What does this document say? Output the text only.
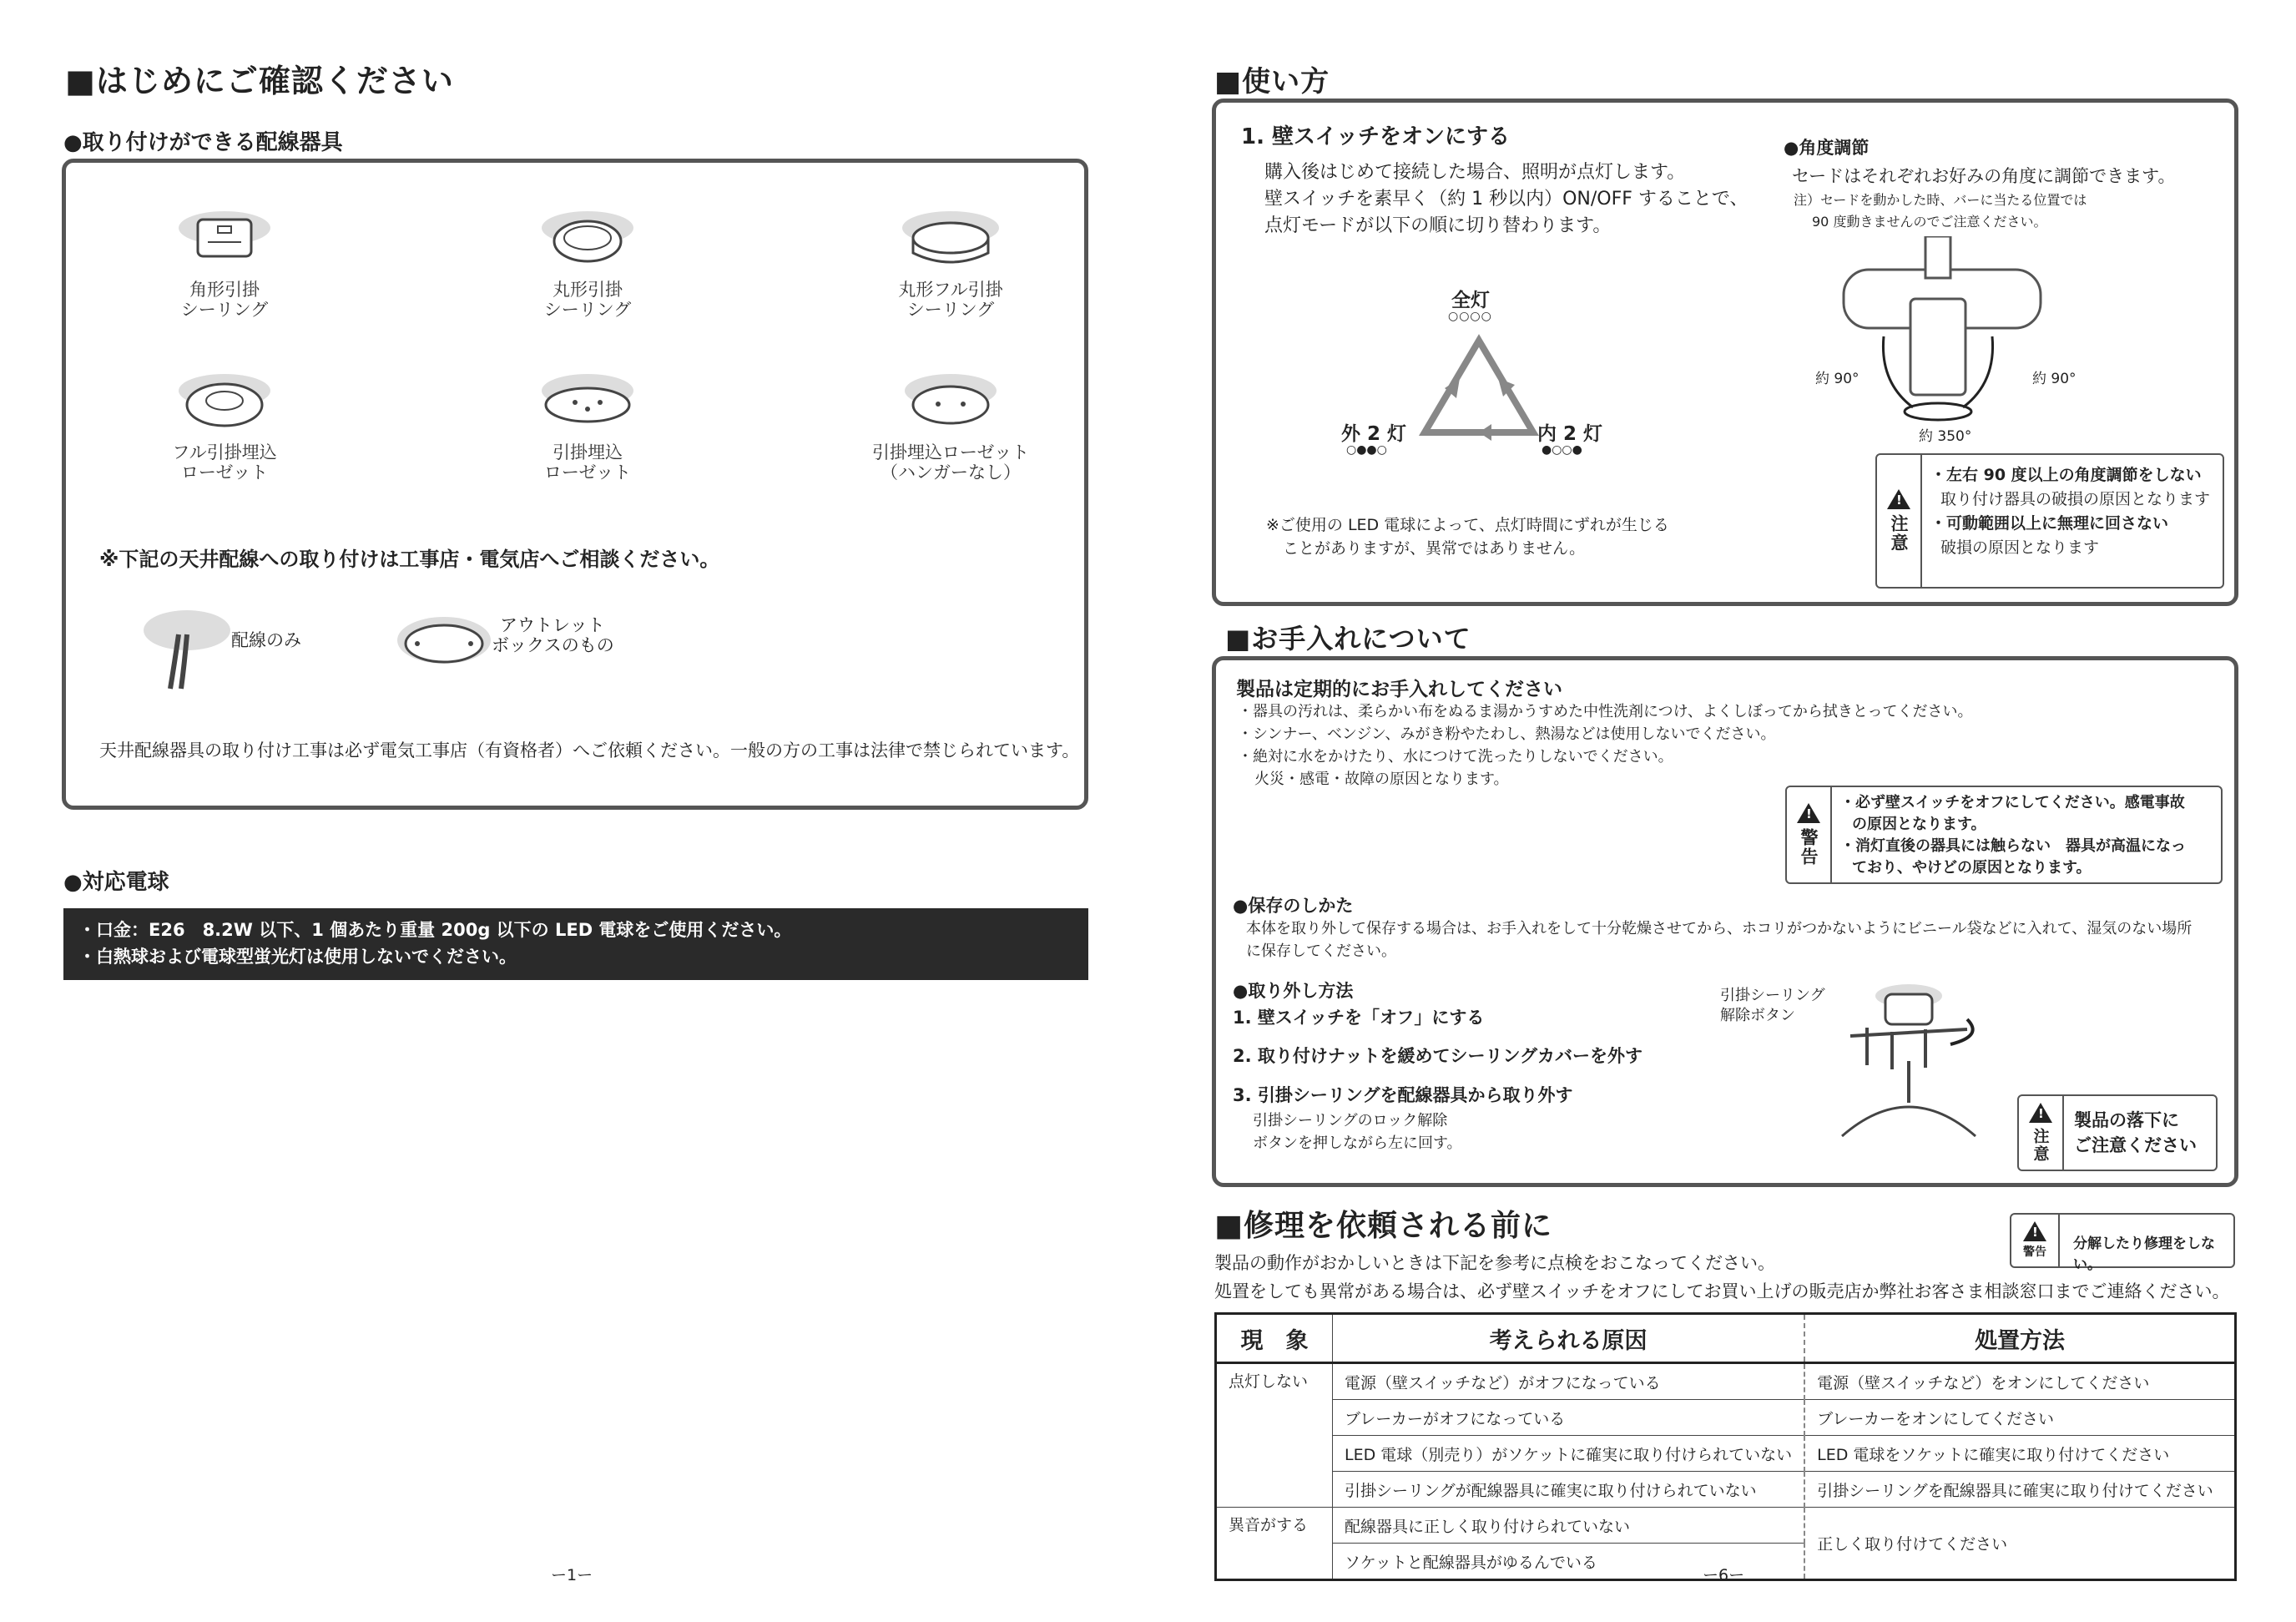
■はじめにご確認ください
●取り付けができる配線器具
角形引掛
シーリング
丸形引掛
シーリング
丸形フル引掛
シーリング
フル引掛埋込
ローゼット
引掛埋込
ローゼット
引掛埋込ローゼット
（ハンガーなし）
※下記の天井配線への取り付けは工事店・電気店へご相談ください。
配線のみ
アウトレット
ボックスのもの
天井配線器具の取り付け工事は必ず電気工事店（有資格者）へご依頼ください。一般の方の工事は法律で禁じられています。
●対応電球
・口金：E26　8.2W 以下、1 個あたり重量 200g 以下の LED 電球をご使用ください。
・白熱球および電球型蛍光灯は使用しないでください。
ー1ー
■使い方
1. 壁スイッチをオンにする
購入後はじめて接続した場合、照明が点灯します。
壁スイッチを素早く（約 1 秒以内）ON/OFF することで、
点灯モードが以下の順に切り替わります。
全灯
○○○○
外 2 灯
○●●○
内 2 灯
●○○●
※ご使用の LED 電球によって、点灯時間にずれが生じる
ことがありますが、異常ではありません。
●角度調節
セードはそれぞれお好みの角度に調節できます。
注）セードを動かした時、バーに当たる位置では
90 度動きませんのでご注意ください。
約 90°	約 90°
約 350°
!
注意
・左右 90 度以上の角度調節をしない
取り付け器具の破損の原因となります
・可動範囲以上に無理に回さない
破損の原因となります
■お手入れについて
製品は定期的にお手入れしてください
・器具の汚れは、柔らかい布をぬるま湯かうすめた中性洗剤につけ、よくしぼってから拭きとってください。
・シンナー、ベンジン、みがき粉やたわし、熱湯などは使用しないでください。
・絶対に水をかけたり、水につけて洗ったりしないでください。
火災・感電・故障の原因となります。
!
警告
・必ず壁スイッチをオフにしてください。感電事故
の原因となります。
・消灯直後の器具には触らない　器具が高温になっ
ており、やけどの原因となります。
●保存のしかた
本体を取り外して保存する場合は、お手入れをして十分乾燥させてから、ホコリがつかないようにビニール袋などに入れて、湿気のない場所
に保存してください。
●取り外し方法
1. 壁スイッチを「オフ」にする
2. 取り付けナットを緩めてシーリングカバーを外す
3. 引掛シーリングを配線器具から取り外す
引掛シーリングのロック解除
ボタンを押しながら左に回す。
引掛シーリング
解除ボタン
!
注意
製品の落下に
ご注意ください
■修理を依頼される前に
!
警告 分解したり修理をしない。
製品の動作がおかしいときは下記を参考に点検をおこなってください。
処置をしても異常がある場合は、必ず壁スイッチをオフにしてお買い上げの販売店か弊社お客さま相談窓口までご連絡ください。
現　象	考えられる原因	処置方法
点灯しない	電源（壁スイッチなど）がオフになっている	電源（壁スイッチなど）をオンにしてください
	ブレーカーがオフになっている	ブレーカーをオンにしてください
	LED 電球（別売り）がソケットに確実に取り付けられていない	LED 電球をソケットに確実に取り付けてください
	引掛シーリングが配線器具に確実に取り付けられていない	引掛シーリングを配線器具に確実に取り付けてください
異音がする	配線器具に正しく取り付けられていない	正しく取り付けてください
	ソケットと配線器具がゆるんでいる	
ー6ー
